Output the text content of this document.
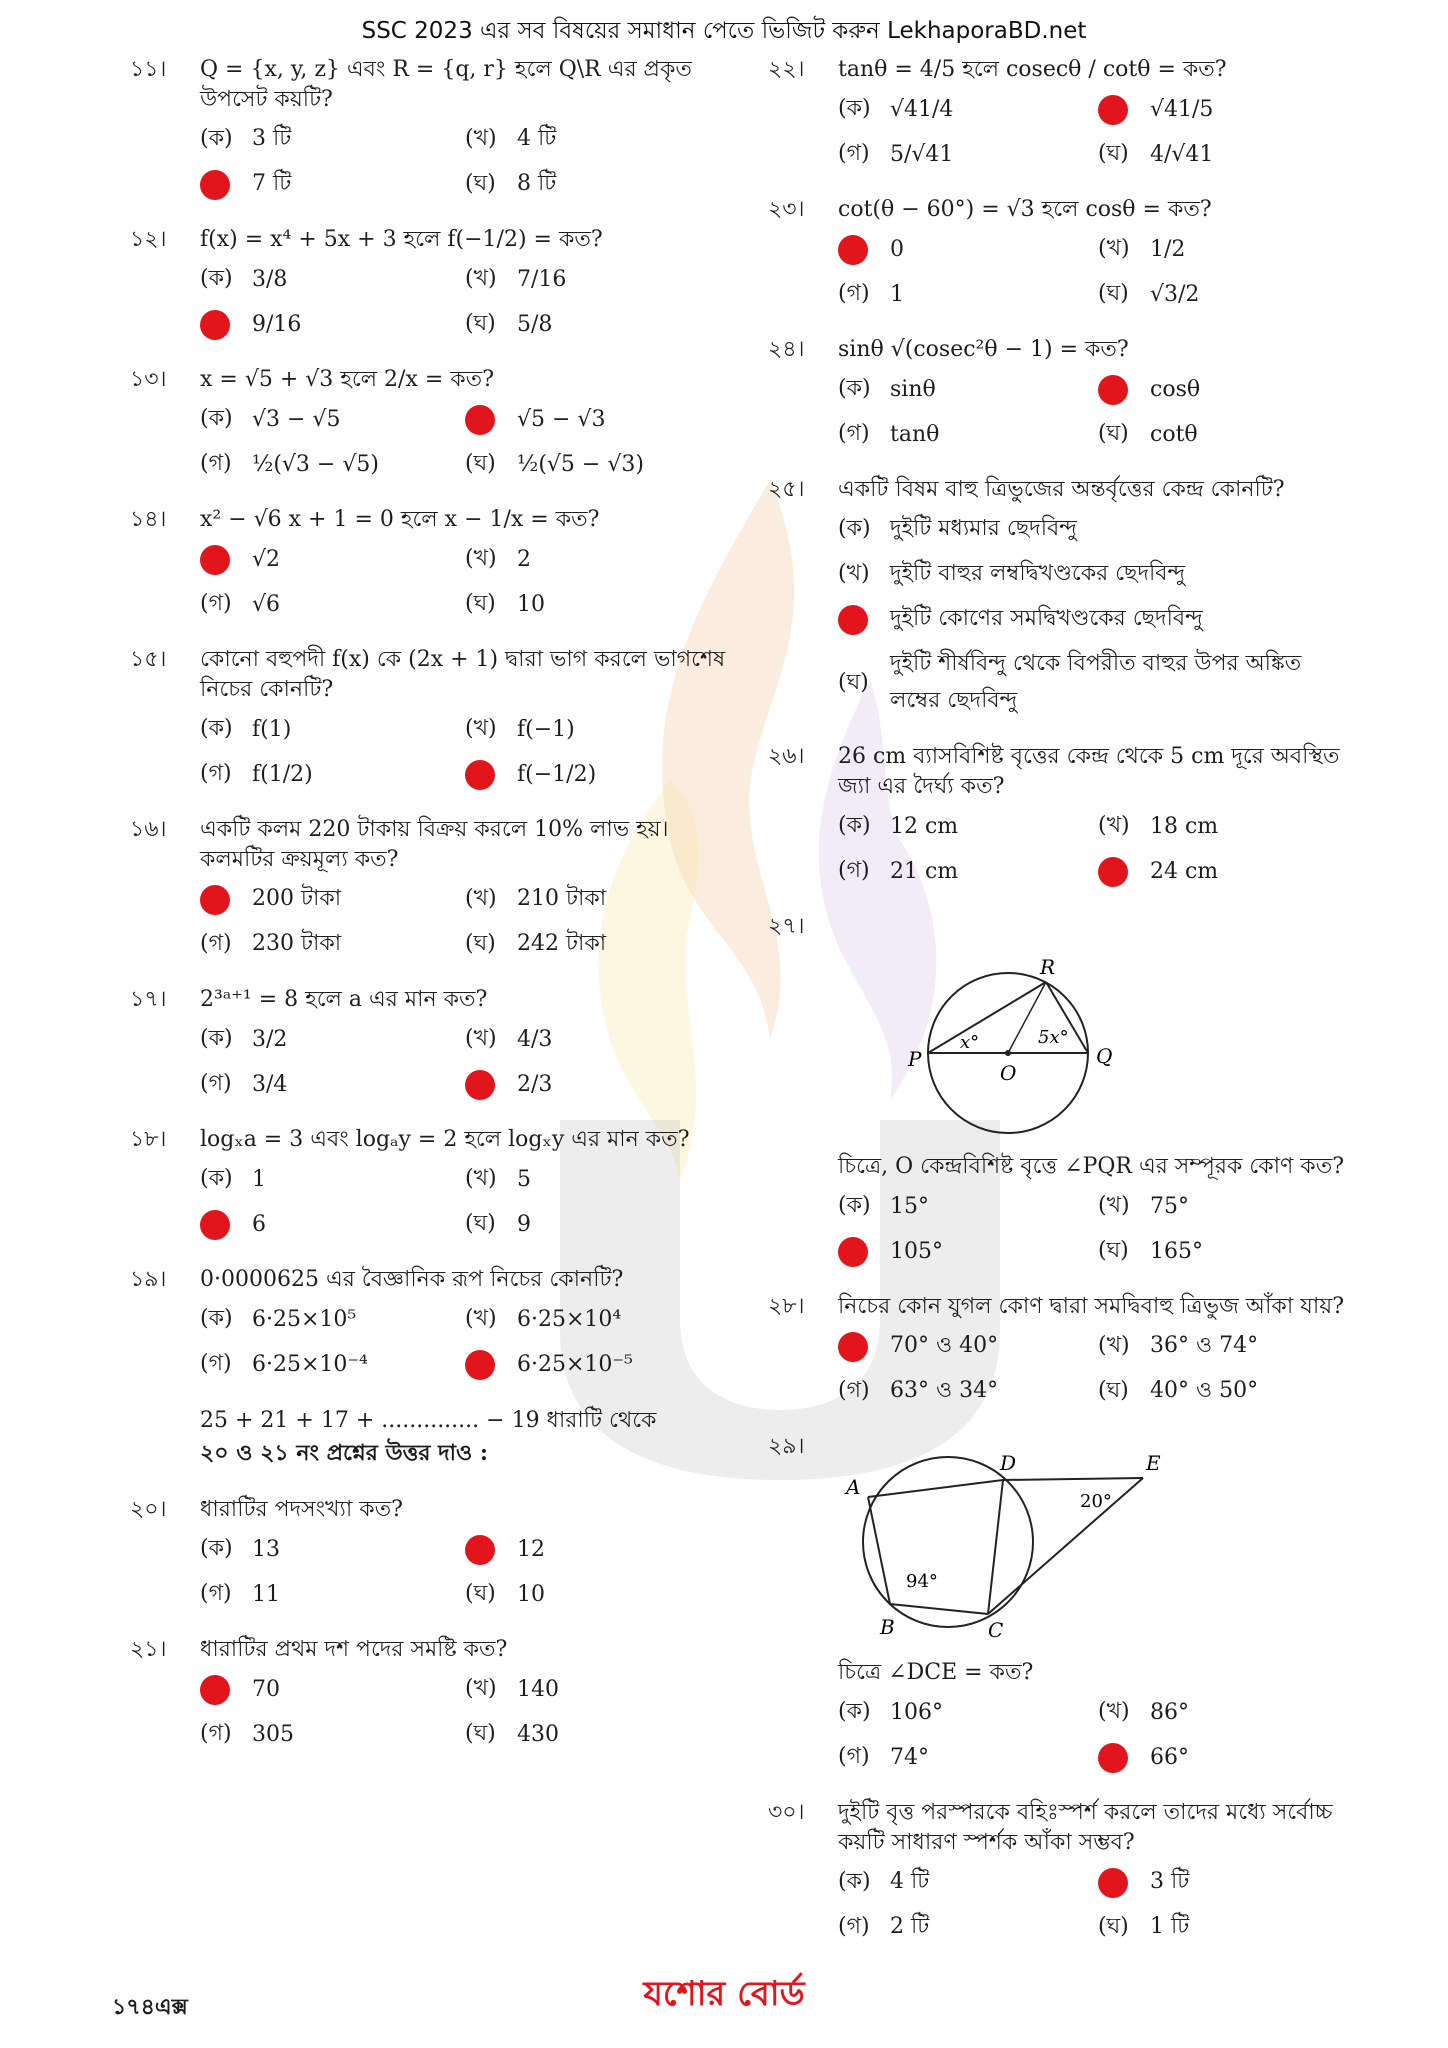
SSC 2023 এর সব বিষয়ের সমাধান পেতে ভিজিট করুন LekhaporaBD.net
১১।	Q = {x, y, z} এবং R = {q, r} হলে Q\R এর প্রকৃত উপসেট কয়টি?
(ক) 3 টি	(খ) 4 টি
7 টি	(ঘ) 8 টি
১২।	f(x) = x⁴ + 5x + 3 হলে f(−1/2) = কত?
(ক) 3/8	(খ) 7/16
9/16	(ঘ) 5/8
১৩।	x = √5 + √3 হলে 2/x = কত?
(ক) √3 − √5	√5 − √3
(গ) ½(√3 − √5)	(ঘ) ½(√5 − √3)
১৪।	x² − √6 x + 1 = 0 হলে x − 1/x = কত?
√2	(খ) 2
(গ) √6	(ঘ) 10
১৫।	কোনো বহুপদী f(x) কে (2x + 1) দ্বারা ভাগ করলে ভাগশেষ নিচের কোনটি?
(ক) f(1)	(খ) f(−1)
(গ) f(1/2)	f(−1/2)
১৬।	একটি কলম 220 টাকায় বিক্রয় করলে 10% লাভ হয়। কলমটির ক্রয়মূল্য কত?
200 টাকা	(খ) 210 টাকা
(গ) 230 টাকা	(ঘ) 242 টাকা
১৭।	2³ᵃ⁺¹ = 8 হলে a এর মান কত?
(ক) 3/2	(খ) 4/3
(গ) 3/4	2/3
১৮।	logₓa = 3 এবং logₐy = 2 হলে logₓy এর মান কত?
(ক) 1	(খ) 5
6	(ঘ) 9
১৯।	0·0000625 এর বৈজ্ঞানিক রূপ নিচের কোনটি?
(ক) 6·25×10⁵	(খ) 6·25×10⁴
(গ) 6·25×10⁻⁴	6·25×10⁻⁵
25 + 21 + 17 + .............. − 19 ধারাটি থেকে
২০ ও ২১ নং প্রশ্নের উত্তর দাও :
২০।	ধারাটির পদসংখ্যা কত?
(ক) 13	12
(গ) 11	(ঘ) 10
২১।	ধারাটির প্রথম দশ পদের সমষ্টি কত?
70	(খ) 140
(গ) 305	(ঘ) 430
২২।	tanθ = 4/5 হলে cosecθ / cotθ = কত?
(ক) √41/4	√41/5
(গ) 5/√41	(ঘ) 4/√41
২৩।	cot(θ − 60°) = √3 হলে cosθ = কত?
0	(খ) 1/2
(গ) 1	(ঘ) √3/2
২৪।	sinθ √(cosec²θ − 1) = কত?
(ক) sinθ	cosθ
(গ) tanθ	(ঘ) cotθ
২৫।	একটি বিষম বাহু ত্রিভুজের অন্তর্বৃত্তের কেন্দ্র কোনটি?
(ক) দুইটি মধ্যমার ছেদবিন্দু
(খ) দুইটি বাহুর লম্বদ্বিখণ্ডকের ছেদবিন্দু
দুইটি কোণের সমদ্বিখণ্ডকের ছেদবিন্দু
(ঘ)
দুইটি শীর্ষবিন্দু থেকে বিপরীত বাহুর উপর অঙ্কিত লম্বের ছেদবিন্দু
২৬।	26 cm ব্যাসবিশিষ্ট বৃত্তের কেন্দ্র থেকে 5 cm দূরে অবস্থিত জ্যা এর দৈর্ঘ্য কত?
(ক) 12 cm	(খ) 18 cm
(গ) 21 cm	24 cm
২৭।
P	Q
R
O
x°	5x°
চিত্রে, O কেন্দ্রবিশিষ্ট বৃত্তে ∠PQR এর সম্পূরক কোণ কত?
(ক) 15°	(খ) 75°
105°	(ঘ) 165°
২৮।	নিচের কোন যুগল কোণ দ্বারা সমদ্বিবাহু ত্রিভুজ আঁকা যায়?
70° ও 40°	(খ) 36° ও 74°
(গ) 63° ও 34°	(ঘ) 40° ও 50°
২৯।
A
B	C
D	E
20°
94°
চিত্রে ∠DCE = কত?
(ক) 106°	(খ) 86°
(গ) 74°	66°
৩০।	দুইটি বৃত্ত পরস্পরকে বহিঃস্পর্শ করলে তাদের মধ্যে সর্বোচ্চ কয়টি সাধারণ স্পর্শক আঁকা সম্ভব?
(ক) 4 টি	3 টি
(গ) 2 টি	(ঘ) 1 টি
যশোর বোর্ড
১৭৪এক্স
